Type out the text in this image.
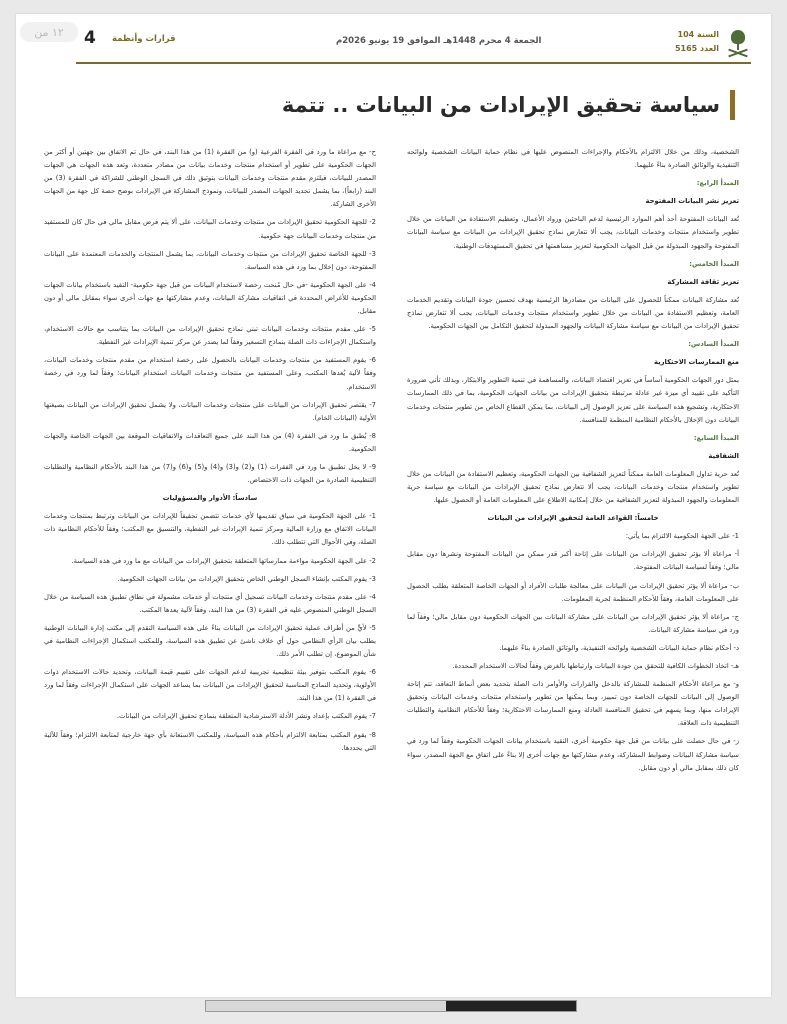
السنة 104
العدد 5165
الجمعة 4 محرم 1448هـ الموافق 19 يونيو 2026م
قرارات وأنظمة
4
سياسة تحقيق الإيرادات من البيانات .. تتمة

الشخصية، وذلك من خلال الالتزام بالأحكام والإجراءات المنصوص عليها في نظام حماية البيانات الشخصية ولوائحه التنفيذية والوثائق الصادرة بناءً عليهما.

المبدأ الرابع:

تعزيز نشر البيانات المفتوحة

تُعد البيانات المفتوحة أحد أهم الموارد الرئيسية لدعم الباحثين ورواد الأعمال، وتعظيم الاستفادة من البيانات من خلال تطوير واستخدام منتجات وخدمات البيانات، يجب ألا تتعارض نماذج تحقيق الإيرادات من البيانات مع سياسة البيانات المفتوحة والجهود المبذولة من قبل الجهات الحكومية لتعزيز مساهمتها في تحقيق المستهدفات الوطنية.

المبدأ الخامس:

تعزيز ثقافة المشاركة

تُعد مشاركة البيانات ممكناً للحصول على البيانات من مصادرها الرئيسية بهدف تحسين جودة البيانات وتقديم الخدمات العامة، وتعظيم الاستفادة من البيانات من خلال تطوير واستخدام منتجات وخدمات البيانات، يجب ألا تتعارض نماذج تحقيق الإيرادات من البيانات مع سياسة مشاركة البيانات والجهود المبذولة لتحقيق التكامل بين الجهات الحكومية.

المبدأ السادس:

منع الممارسات الاحتكارية

يمثل دور الجهات الحكومية أساساً في تعزيز اقتصاد البيانات، والمساهمة في تنمية التطوير والابتكار، وبذلك تأتي ضرورة التأكيد على تقييد أي ميزة غير عادلة مرتبطة بتحقيق الإيرادات من بيانات الجهات الحكومية، بما في ذلك الممارسات الاحتكارية، وتشجيع هذه السياسة على تعزيز الوصول إلى البيانات، بما يمكن القطاع الخاص من تطوير منتجات وخدمات البيانات دون الإخلال بالأحكام النظامية المنظمة للمنافسة.

المبدأ السابع:

الشفافية

تُعد حرية تداول المعلومات العامة ممكناً لتعزيز الشفافية بين الجهات الحكومية، وتعظيم الاستفادة من البيانات من خلال تطوير واستخدام منتجات وخدمات البيانات، يجب ألا تتعارض نماذج تحقيق الإيرادات من البيانات مع سياسة حرية المعلومات والجهود المبذولة لتعزيز الشفافية من خلال إمكانية الاطلاع على المعلومات العامة أو الحصول عليها.

خامساً: القواعد العامة لتحقيق الإيرادات من البيانات

1- على الجهة الحكومية الالتزام بما يأتي:

أ- مراعاة ألا يؤثر تحقيق الإيرادات من البيانات على إتاحة أكبر قدر ممكن من البيانات المفتوحة ونشرها دون مقابل مالي؛ وفقاً لسياسة البيانات المفتوحة.

ب- مراعاة ألا يؤثر تحقيق الإيرادات من البيانات على معالجة طلبات الأفراد أو الجهات الخاصة المتعلقة بطلب الحصول على المعلومات العامة، وفقاً للأحكام المنظمة لحرية المعلومات.

ج- مراعاة ألا يؤثر تحقيق الإيرادات من البيانات على مشاركة البيانات بين الجهات الحكومية دون مقابل مالي؛ وفقاً لما ورد في سياسة مشاركة البيانات.

د- أحكام نظام حماية البيانات الشخصية ولوائحه التنفيذية، والوثائق الصادرة بناءً عليهما.

هـ- اتخاذ الخطوات الكافية للتحقق من جودة البيانات وارتباطها بالغرض وفقاً لحالات الاستخدام المحددة.

و- مع مراعاة الأحكام المنظمة للمشاركة بالدخل والقرارات والأوامر ذات الصلة بتحديد بعض أنماط التعاقد، تتم إتاحة الوصول إلى البيانات للجهات الخاصة دون تمييز، وبما يمكنها من تطوير واستخدام منتجات وخدمات البيانات وتحقيق الإيرادات منها، وبما يسهم في تحقيق المنافسة العادلة ومنع الممارسات الاحتكارية؛ وفقاً للأحكام النظامية والتطلبات التنظيمية ذات العلاقة.

ز- في حال حصلت على بيانات من قبل جهة حكومية أخرى، التقيد باستخدام بيانات الجهات الحكومية وفقاً لما ورد في سياسة مشاركة البيانات وضوابط المشاركة، وعدم مشاركتها مع جهات أخرى إلا بناءً على اتفاق مع الجهة المصدر، سواء كان ذلك بمقابل مالي أو دون مقابل.

ح- مع مراعاة ما ورد في الفقرة الفرعية (و) من الفقرة (1) من هذا البند، في حال تم الاتفاق بين جهتين أو أكثر من الجهات الحكومية على تطوير أو استخدام منتجات وخدمات بيانات من مصادر متعددة، وتعد هذه الجهات هي الجهات المصدر للبيانات، فيلتزم مقدم منتجات وخدمات البيانات بتوثيق ذلك في السجل الوطني للشراكة في الفقرة (3) من البند (رابعاً)، بما يشمل تحديد الجهات المصدر للبيانات، ونموذج المشاركة في الإيرادات بوضح حصة كل جهة من الجهات الأخرى الشاركة.

2- للجهة الحكومية تحقيق الإيرادات من منتجات وخدمات البيانات، على ألا يتم فرض مقابل مالي في حال كان للمستفيد من منتجات وخدمات البيانات جهة حكومية.

3- للجهة الخاصة تحقيق الإيرادات من منتجات وخدمات البيانات، بما يشمل المنتجات والخدمات المعتمدة على البيانات المفتوحة، دون إخلال بما ورد في هذه السياسة.

4- على الجهة الحكومية -في حال مُنحت رخصة لاستخدام البيانات من قبل جهة حكومية- التقيد باستخدام بيانات الجهات الحكومية للأغراض المحددة في اتفاقيات مشاركة البيانات، وعدم مشاركتها مع جهات أخرى سواء بمقابل مالي أو دون مقابل.

5- على مقدم منتجات وخدمات البيانات تبني نماذج تحقيق الإيرادات من البيانات بما يتناسب مع حالات الاستخدام، واستكمال الإجراءات ذات الصلة بنماذج التسعير وفقاً لما يصدر عن مركز تنمية الإيرادات غير النفطية.

6- يقوم المستفيد من منتجات وخدمات البيانات بالحصول على رخصة استخدام من مقدم منتجات وخدمات البيانات، وفقاً لآلية يُعدها المكتب، وعلى المستفيد من منتجات وخدمات البيانات استخدام البيانات؛ وفقاً لما ورد في رخصة الاستخدام.

7- يقتصر تحقيق الإيرادات من البيانات على منتجات وخدمات البيانات، ولا يشمل تحقيق الإيرادات من البيانات بصيغتها الأولية (البيانات الخام).

8- يُطبق ما ورد في الفقرة (4) من هذا البند على جميع التعاقدات والاتفاقيات الموقعة بين الجهات الخاصة والجهات الحكومية.

9- لا يخل تطبيق ما ورد في الفقرات (1) و(2) و(3) و(4) و(5) و(6) و(7) من هذا البند بالأحكام النظامية والتطلبات التنظيمية الصادرة من الجهات ذات الاختصاص.

سادساً: الأدوار والمسؤوليات

1- على الجهة الحكومية في سياق تقديمها لأي خدمات تتضمن تحقيقاً للإيرادات من البيانات وترتبط بمنتجات وخدمات البيانات الاتفاق مع وزارة المالية ومركز تنمية الإيرادات غير النفطية، والتنسيق مع المكتب؛ وفقاً للأحكام النظامية ذات الصلة، وفي الأحوال التي تتطلب ذلك.

2- على الجهة الحكومية مواءمة ممارساتها المتعلقة بتحقيق الإيرادات من البيانات مع ما ورد في هذه السياسة.

3- يقوم المكتب بإنشاء السجل الوطني الخاص بتحقيق الإيرادات من بيانات الجهات الحكومية.

4- على مقدم منتجات وخدمات البيانات تسجيل أي منتجات أو خدمات مشمولة في نطاق تطبيق هذه السياسة من خلال السجل الوطني المنصوص عليه في الفقرة (3) من هذا البند، وفقاً لآلية يعدها المكتب.

5- لأيٍّ من أطراف عملية تحقيق الإيرادات من البيانات بناءً على هذه السياسة التقدم إلى مكتب إدارة البيانات الوطنية بطلب بيان الرأي النظامي حول أي خلاف ناشئ عن تطبيق هذه السياسة، وللمكتب استكمال الإجراءات النظامية في شأن الموضوع، إن تطلب الأمر ذلك.

6- يقوم المكتب بتوفير بيئة تنظيمية تجريبية لدعم الجهات على تقييم قيمة البيانات، وتحديد حالات الاستخدام ذوات الأولوية، وتحديد النماذج المناسبة لتحقيق الإيرادات من البيانات بما يساعد الجهات على استكمال الإجراءات وفقاً لما ورد في الفقرة (1) من هذا البند.

7- يقوم المكتب بإعداد ونشر الأدلة الاسترشادية المتعلقة بنماذج تحقيق الإيرادات من البيانات.

8- يقوم المكتب بمتابعة الالتزام بأحكام هذه السياسة، وللمكتب الاستعانة بأي جهة خارجية لمتابعة الالتزام؛ وفقاً للآلية التي يحددها.

١٢ من
